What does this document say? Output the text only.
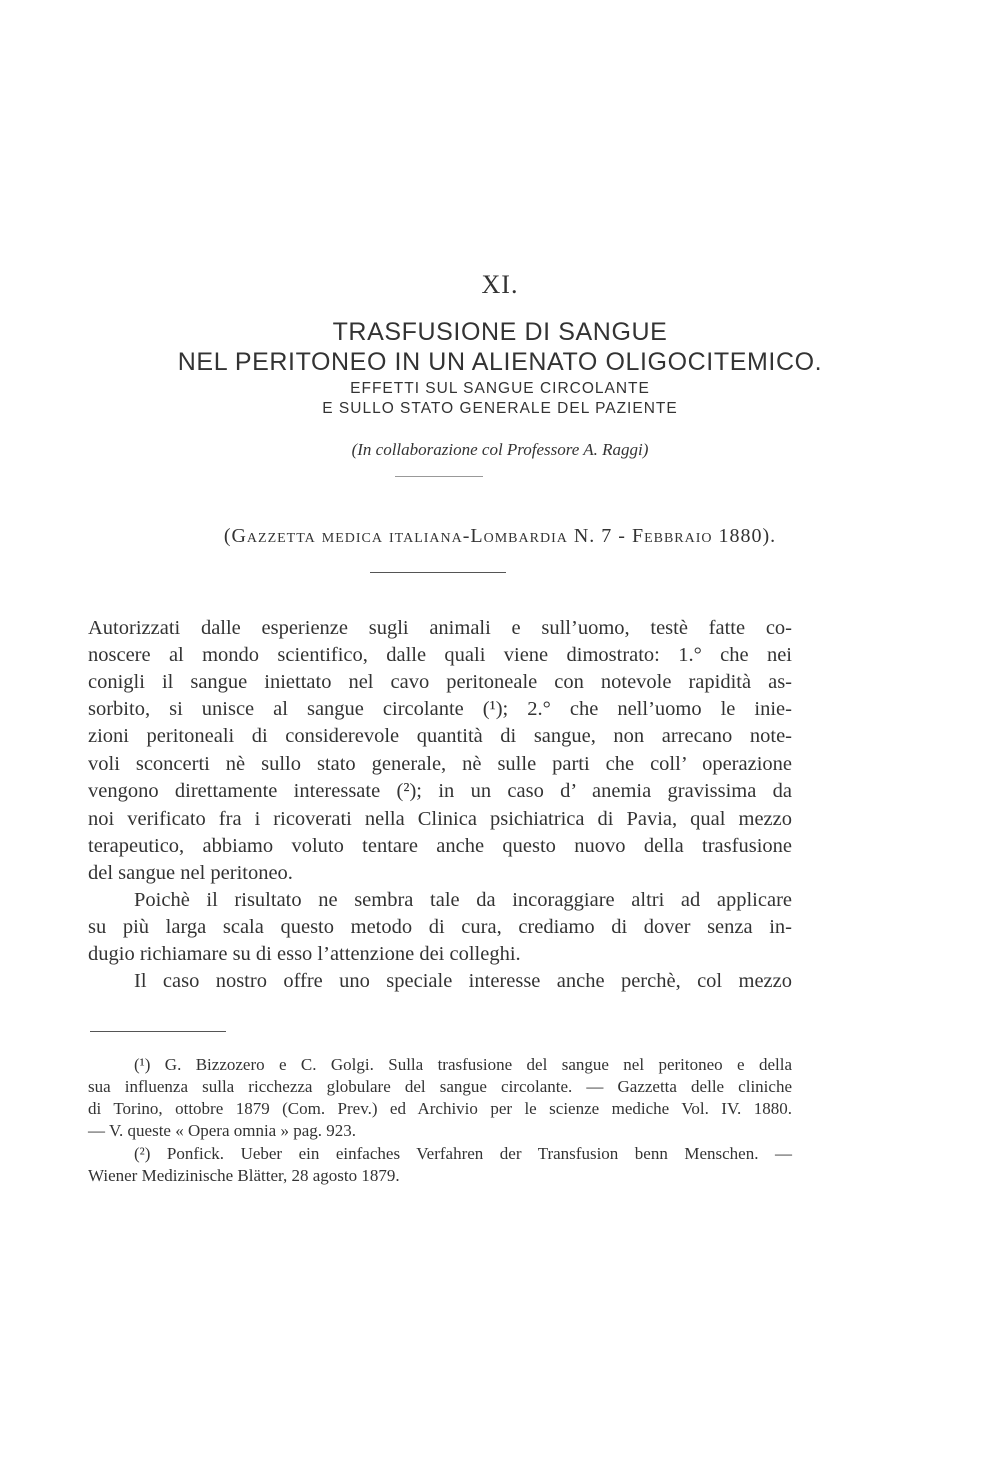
XI.
TRASFUSIONE DI SANGUE
NEL PERITONEO IN UN ALIENATO OLIGOCITEMICO.
EFFETTI SUL SANGUE CIRCOLANTE
E SULLO STATO GENERALE DEL PAZIENTE
(In collaborazione col Professore A. Raggi)
(Gazzetta medica italiana-Lombardia N. 7 - Febbraio 1880).
Autorizzati dalle esperienze sugli animali e sull’uomo, testè fatte co-
noscere al mondo scientifico, dalle quali viene dimostrato: 1.° che nei
conigli il sangue iniettato nel cavo peritoneale con notevole rapidità as-
sorbito, si unisce al sangue circolante (¹); 2.° che nell’uomo le inie-
zioni peritoneali di considerevole quantità di sangue, non arrecano note-
voli sconcerti nè sullo stato generale, nè sulle parti che coll’ operazione
vengono direttamente interessate (²); in un caso d’ anemia gravissima da
noi verificato fra i ricoverati nella Clinica psichiatrica di Pavia, qual mezzo
terapeutico, abbiamo voluto tentare anche questo nuovo della trasfusione
del sangue nel peritoneo.
Poichè il risultato ne sembra tale da incoraggiare altri ad applicare
su più larga scala questo metodo di cura, crediamo di dover senza in-
dugio richiamare su di esso l’attenzione dei colleghi.
Il caso nostro offre uno speciale interesse anche perchè, col mezzo
(¹) G. Bizzozero e C. Golgi. Sulla trasfusione del sangue nel peritoneo e della
sua influenza sulla ricchezza globulare del sangue circolante. — Gazzetta delle cliniche
di Torino, ottobre 1879 (Com. Prev.) ed Archivio per le scienze mediche Vol. IV. 1880.
— V. queste « Opera omnia » pag. 923.
(²) Ponfick. Ueber ein einfaches Verfahren der Transfusion benn Menschen. —
Wiener Medizinische Blätter, 28 agosto 1879.
